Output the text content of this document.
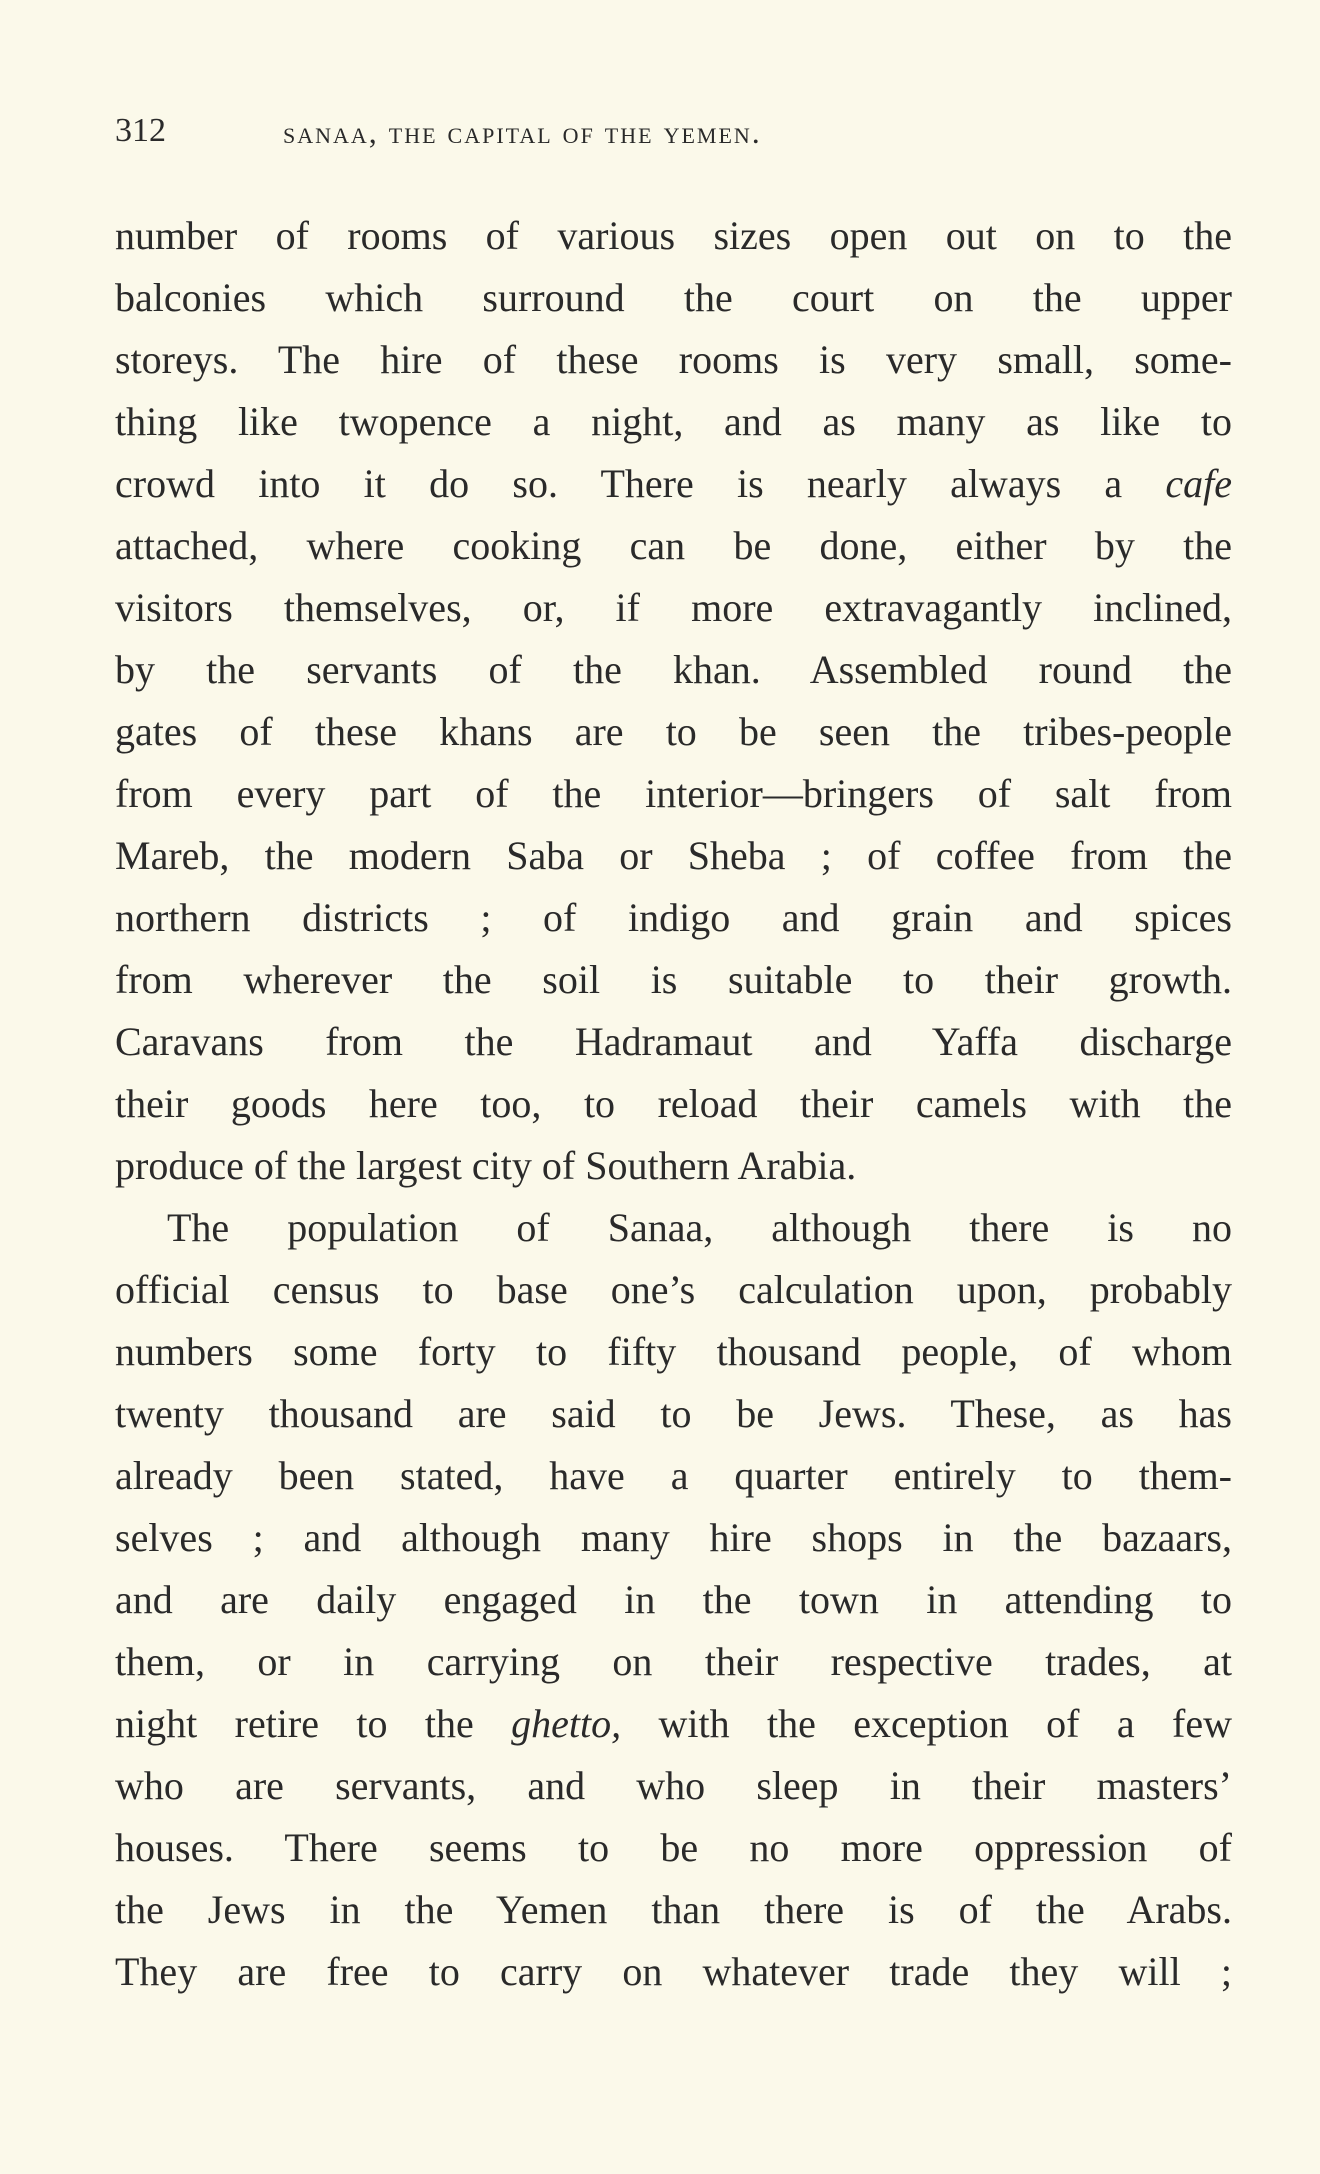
312	sanaa, the capital of the yemen.
number of rooms of various sizes open out on to the
balconies which surround the court on the upper
storeys. The hire of these rooms is very small, some-
thing like twopence a night, and as many as like to
crowd into it do so. There is nearly always a cafe
attached, where cooking can be done, either by the
visitors themselves, or, if more extravagantly inclined,
by the servants of the khan. Assembled round the
gates of these khans are to be seen the tribes-people
from every part of the interior—bringers of salt from
Mareb, the modern Saba or Sheba ; of coffee from the
northern districts ; of indigo and grain and spices
from wherever the soil is suitable to their growth.
Caravans from the Hadramaut and Yaffa discharge
their goods here too, to reload their camels with the
produce of the largest city of Southern Arabia.
The population of Sanaa, although there is no
official census to base one’s calculation upon, probably
numbers some forty to fifty thousand people, of whom
twenty thousand are said to be Jews. These, as has
already been stated, have a quarter entirely to them-
selves ; and although many hire shops in the bazaars,
and are daily engaged in the town in attending to
them, or in carrying on their respective trades, at
night retire to the ghetto, with the exception of a few
who are servants, and who sleep in their masters’
houses. There seems to be no more oppression of
the Jews in the Yemen than there is of the Arabs.
They are free to carry on whatever trade they will ;
